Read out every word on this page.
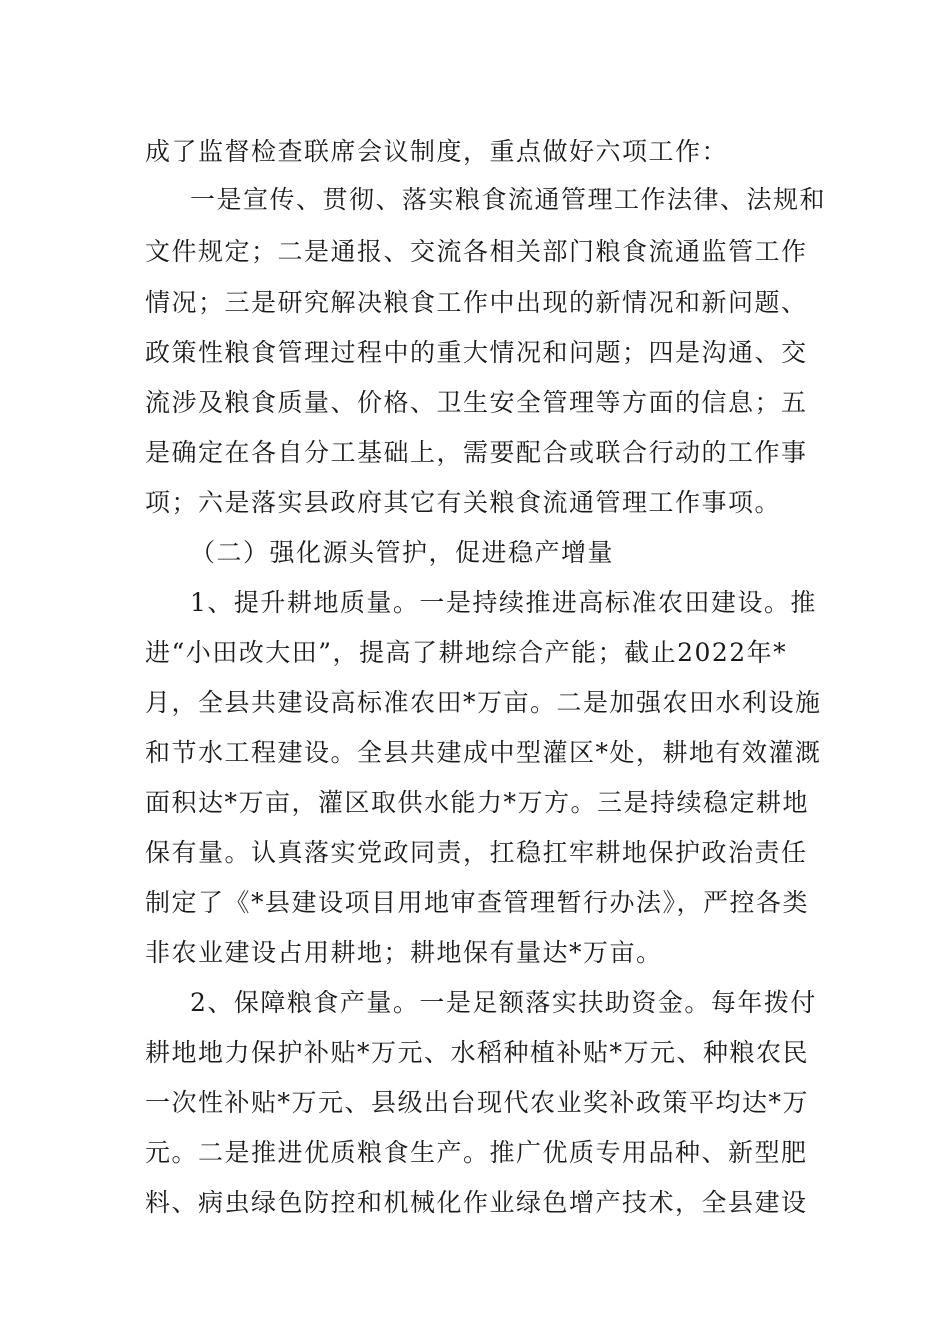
成了监督检查联席会议制度，重点做好六项工作：

一是宣传、贯彻、落实粮食流通管理工作法律、法规和

文件规定；二是通报、交流各相关部门粮食流通监管工作

情况；三是研究解决粮食工作中出现的新情况和新问题、

政策性粮食管理过程中的重大情况和问题；四是沟通、交

流涉及粮食质量、价格、卫生安全管理等方面的信息；五

是确定在各自分工基础上，需要配合或联合行动的工作事

项；六是落实县政府其它有关粮食流通管理工作事项。

（二）强化源头管护，促进稳产增量

1、提升耕地质量。一是持续推进高标准农田建设。推

进“小田改大田”，提高了耕地综合产能；截止2022年*

月，全县共建设高标准农田*万亩。二是加强农田水利设施

和节水工程建设。全县共建成中型灌区*处，耕地有效灌溉

面积达*万亩，灌区取供水能力*万方。三是持续稳定耕地

保有量。认真落实党政同责，扛稳扛牢耕地保护政治责任

制定了《*县建设项目用地审查管理暂行办法》，严控各类

非农业建设占用耕地；耕地保有量达*万亩。

2、保障粮食产量。一是足额落实扶助资金。每年拨付

耕地地力保护补贴*万元、水稻种植补贴*万元、种粮农民

一次性补贴*万元、县级出台现代农业奖补政策平均达*万

元。二是推进优质粮食生产。推广优质专用品种、新型肥

料、病虫绿色防控和机械化作业绿色增产技术，全县建设
